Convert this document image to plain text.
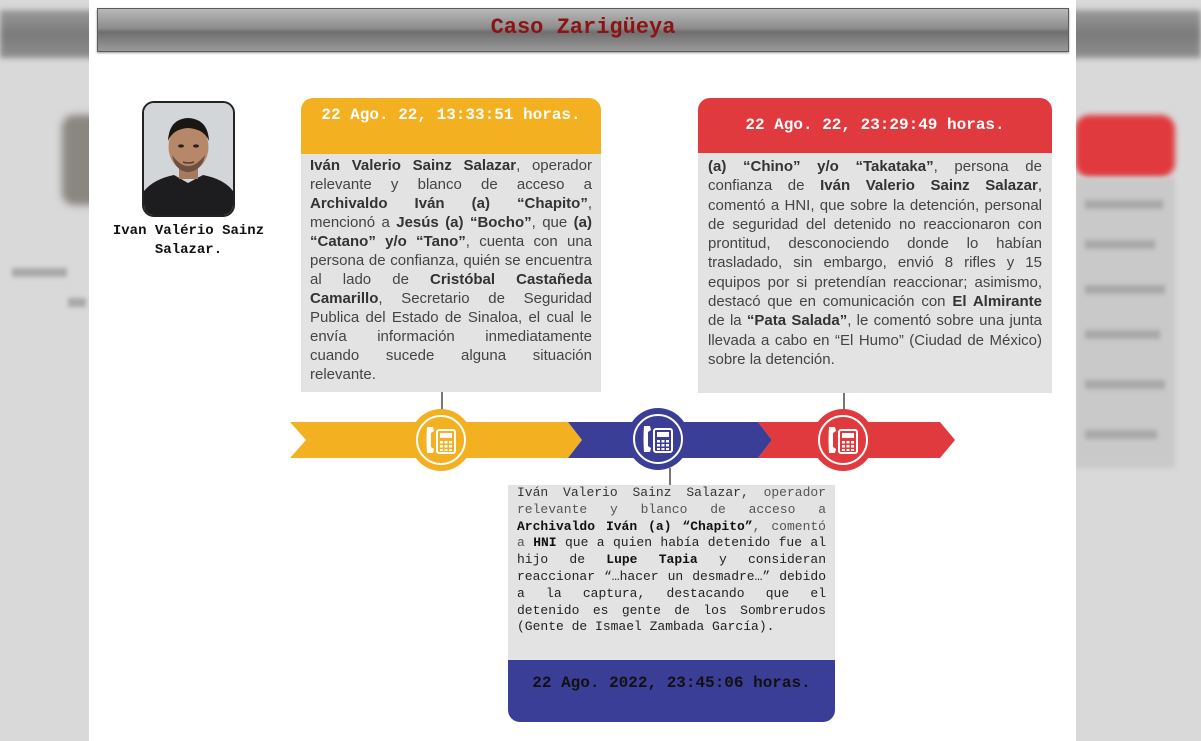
Caso Zarigüeya
Ivan Valério Sainz Salazar.
22 Ago. 22, 13:33:51 horas.
Iván Valerio Sainz Salazar, operador relevante y blanco de acceso a Archivaldo Iván (a) “Chapito”, mencionó a Jesús (a) “Bocho”, que (a) “Catano” y/o “Tano”, cuenta con una persona de confianza, quién se encuentra al lado de Cristóbal Castañeda Camarillo, Secretario de Seguridad Publica del Estado de Sinaloa, el cual le envía información inmediatamente cuando sucede alguna situación relevante.
22 Ago. 22, 23:29:49 horas.
(a) “Chino” y/o “Takataka”, persona de confianza de Iván Valerio Sainz Salazar, comentó a HNI, que sobre la detención, personal de seguridad del detenido no reaccionaron con prontitud, desconociendo donde lo habían trasladado, sin embargo, envió 8 rifles y 15 equipos por si pretendían reaccionar; asimismo, destacó que en comunicación con El Almirante de la “Pata Salada”, le comentó sobre una junta llevada a cabo en “El Humo” (Ciudad de México) sobre la detención.
Iván Valerio Sainz Salazar, operador relevante y blanco de acceso a Archivaldo Iván (a) “Chapito”, comentó a HNI que a quien había detenido fue al hijo de Lupe Tapia y consideran reaccionar “…hacer un desmadre…” debido a la captura, destacando que el detenido es gente de los Sombrerudos (Gente de Ismael Zambada García).
22 Ago. 2022, 23:45:06 horas.
